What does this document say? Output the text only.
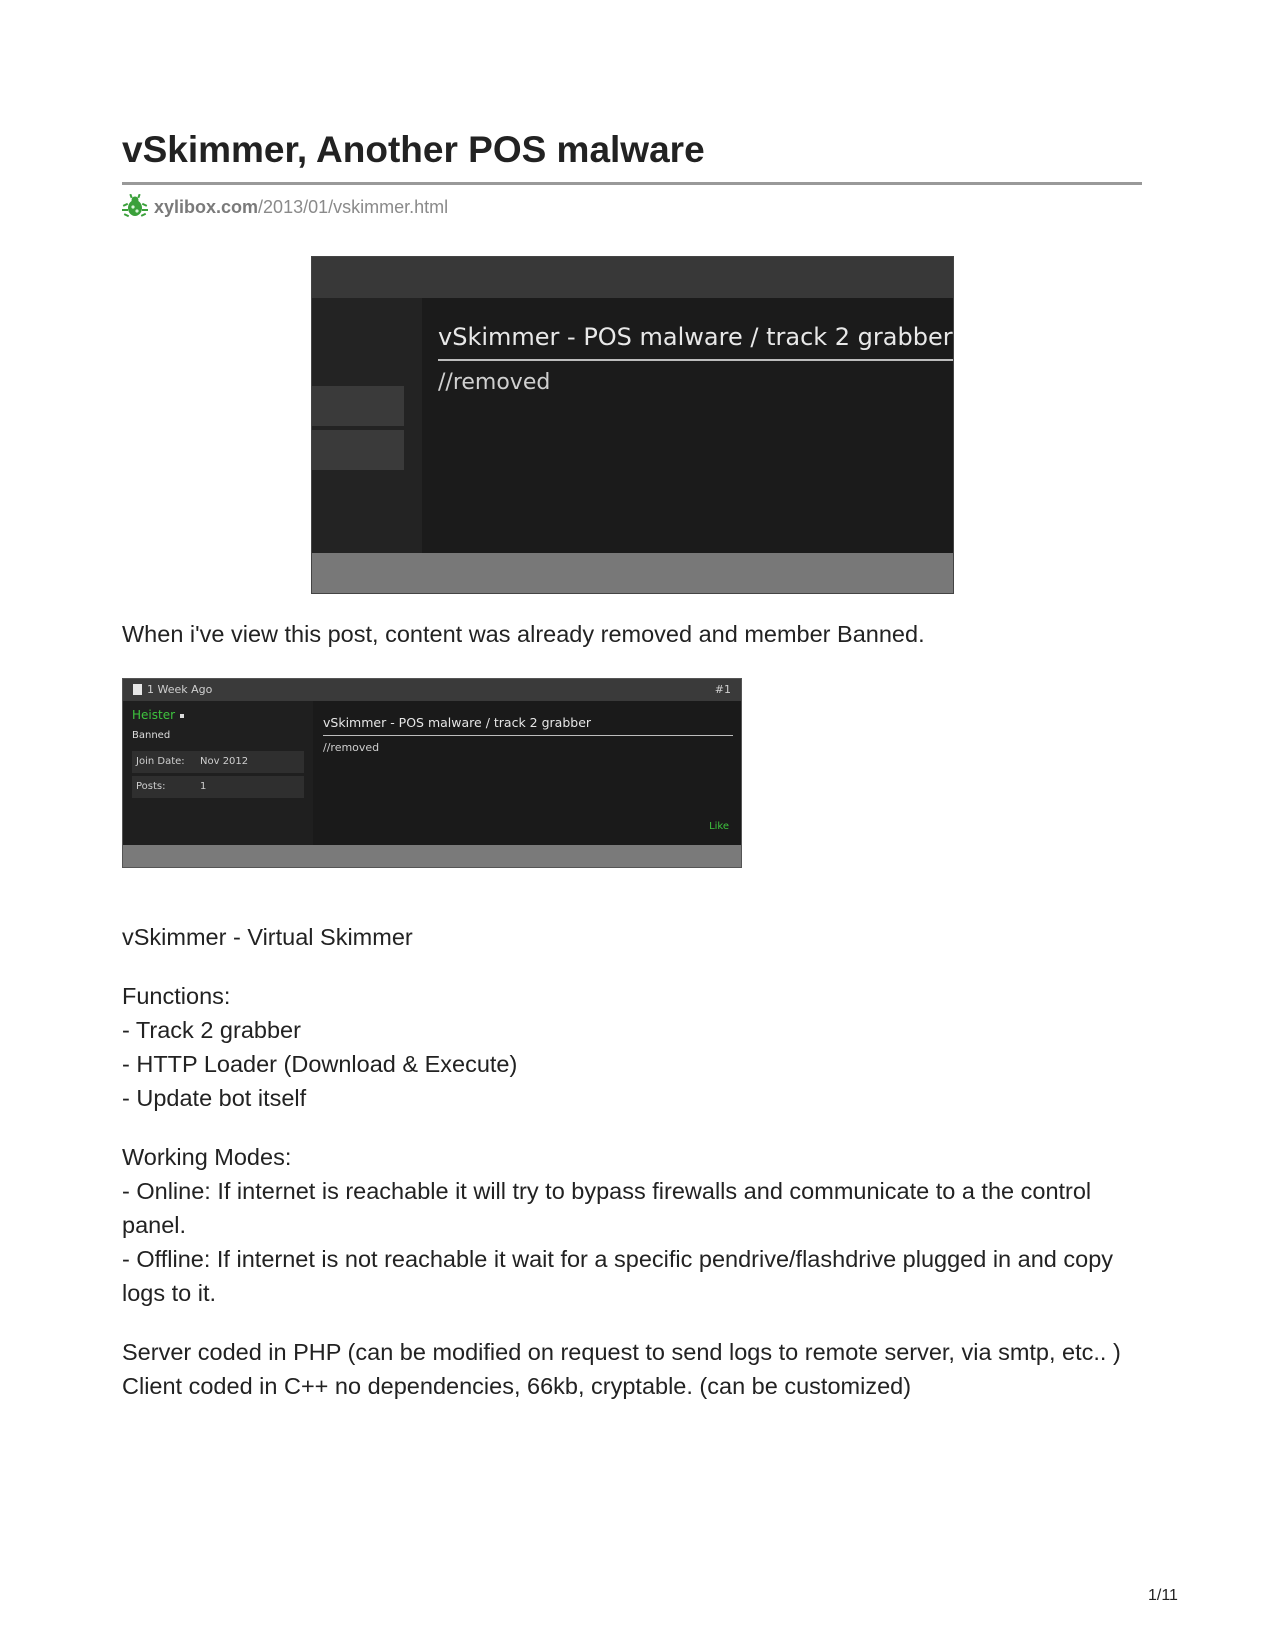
vSkimmer, Another POS malware
xylibox.com /2013/01/vskimmer.html
vSkimmer - POS malware / track 2 grabber
//removed

When i've view this post, content was already removed and member Banned.

1 Week Ago	#1
Heister
Banned
Join Date: Nov 2012
Posts:	1
vSkimmer - POS malware / track 2 grabber
//removed
Like

vSkimmer - Virtual Skimmer

Functions:
- Track 2 grabber
- HTTP Loader (Download & Execute)
- Update bot itself
Working Modes:
- Online: If internet is reachable it will try to bypass firewalls and communicate to a the control panel.
- Offline: If internet is not reachable it wait for a specific pendrive/flashdrive plugged in and copy logs to it.
Server coded in PHP (can be modified on request to send logs to remote server, via smtp, etc.. )
Client coded in C++ no dependencies, 66kb, cryptable. (can be customized)
1/11
